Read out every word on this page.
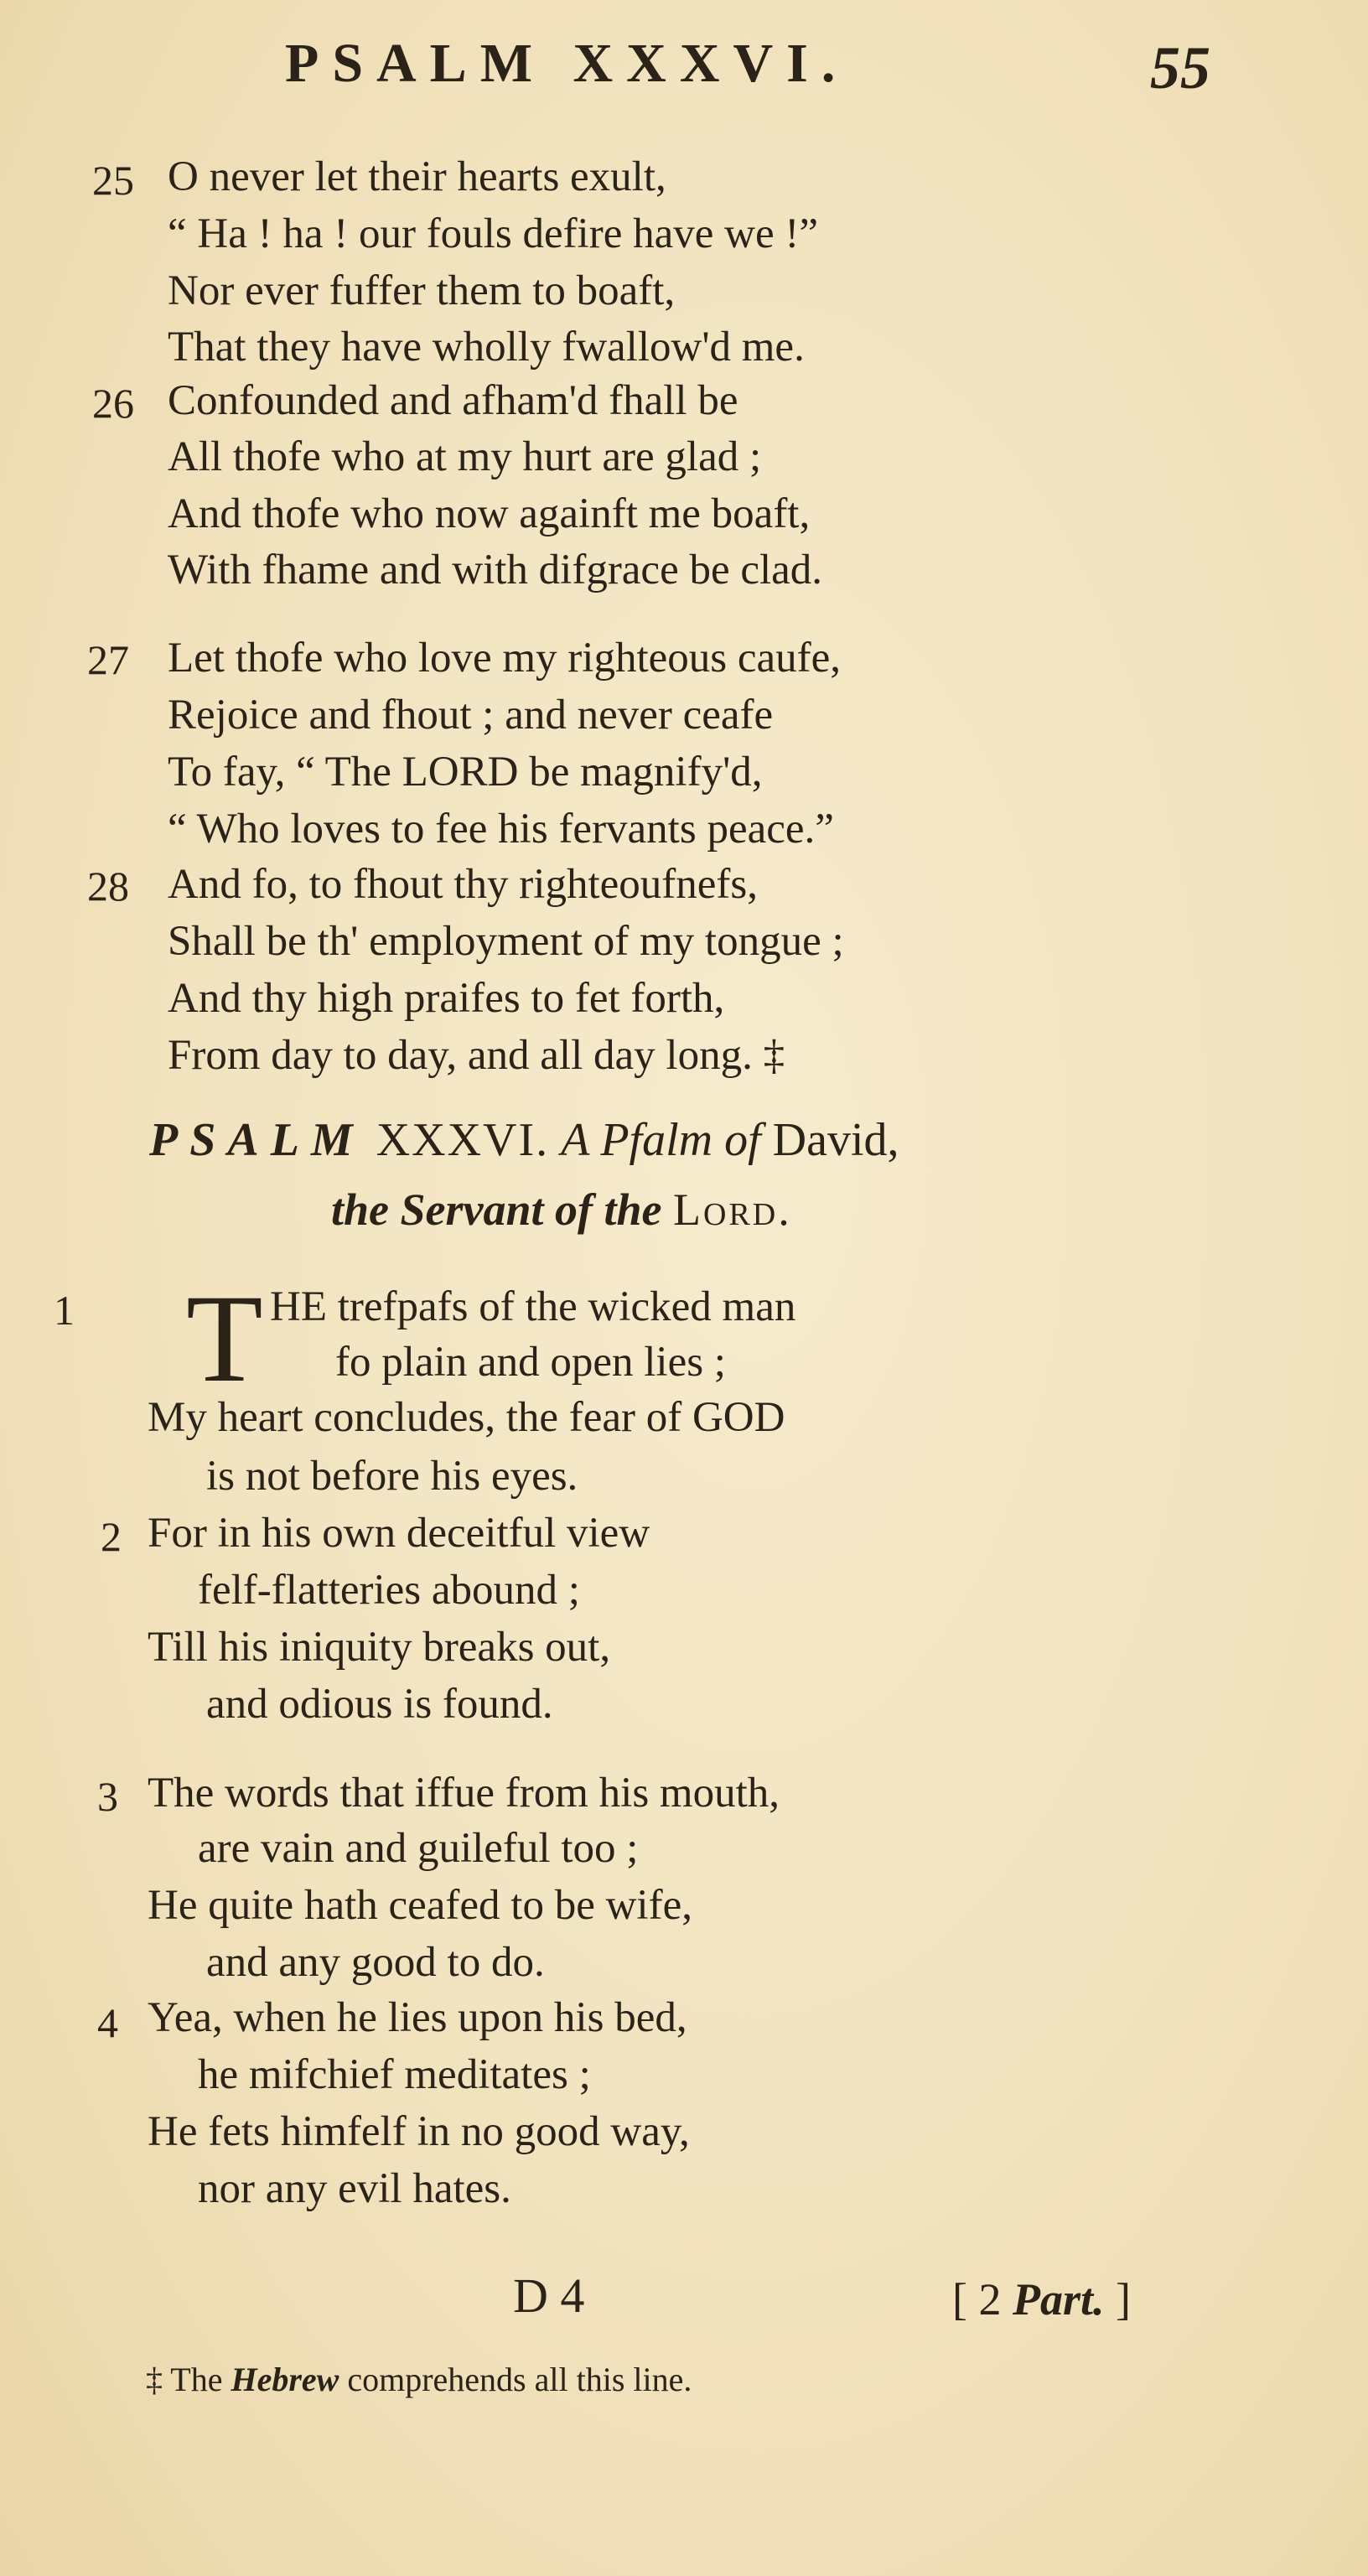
PSALM XXXVI.	55
25 O never let their hearts exult,
“ Ha ! ha ! our fouls defire have we !”
Nor ever fuffer them to boaft,
That they have wholly fwallow'd me.
26 Confounded and afham'd fhall be
All thofe who at my hurt are glad ;
And thofe who now againft me boaft,
With fhame and with difgrace be clad.
27 Let thofe who love my righteous caufe,
Rejoice and fhout ; and never ceafe
To fay, “ The LORD be magnify'd,
“ Who loves to fee his fervants peace.”
28 And fo, to fhout thy righteoufnefs,
Shall be th' employment of my tongue ;
And thy high praifes to fet forth,
From day to day, and all day long. ‡
PSALM XXXVI. A Pfalm of David,
the Servant of the Lord.
1 T HE trefpafs of the wicked man
fo plain and open lies ;
My heart concludes, the fear of GOD
is not before his eyes.
2 For in his own deceitful view
felf-flatteries abound ;
Till his iniquity breaks out,
and odious is found.
3 The words that iffue from his mouth,
are vain and guileful too ;
He quite hath ceafed to be wife,
and any good to do.
4 Yea, when he lies upon his bed,
he mifchief meditates ;
He fets himfelf in no good way,
nor any evil hates.
D 4	[ 2 Part. ]
‡ The Hebrew comprehends all this line.
